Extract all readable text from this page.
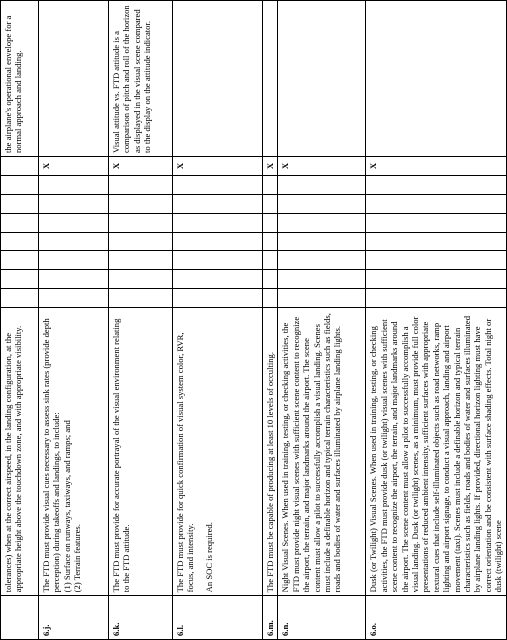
	tolerances) when at the correct airspeed, in the landing configuration, at the appropriate height above the touchdown zone, and with appropriate visibility.									the airplane's operational envelope for a normal approach and landing.
6.j.	The FTD must provide visual cues necessary to assess sink rates (provide depth perception) during takeoffs and landings, to include: (1) Surface on runways, taxiways, and ramps; and (2) Terrain features.								X	
6.k.	The FTD must provide for accurate portrayal of the visual environment relating to the FTD attitude.								X	Visual attitude vs. FTD attitude is a comparison of pitch and roll of the horizon as displayed in the visual scene compared to the display on the attitude indicator.
6.l.	The FTD must provide for quick confirmation of visual system color, RVR, focus, and intensity. An SOC is required.								X	
6.m.	The FTD must be capable of producing at least 10 levels of occulting.								X	
6.n.	Night Visual Scenes. When used in training, testing, or checking activities, the FTD must provide night visual scenes with sufficient scene content to recognize the airport, the terrain, and major landmarks around the airport. The scene content must allow a pilot to successfully accomplish a visual landing. Scenes must include a definable horizon and typical terrain characteristics such as fields, roads and bodies of water and surfaces illuminated by airplane landing lights.								X	
6.o.	Dusk (or Twilight) Visual Scenes. When used in training, testing, or checking activities, the FTD must provide dusk (or twilight) visual scenes with sufficient scene content to recognize the airport, the terrain, and major landmarks around the airport. The scene content must allow a pilot to successfully accomplish a visual landing. Dusk (or twilight) scenes, as a minimum, must provide full color presentations of reduced ambient intensity, sufficient surfaces with appropriate textural cues that include self-illuminated objects such as road networks, ramp lighting and airport signage, to conduct a visual approach, landing and airport movement (taxi). Scenes must include a definable horizon and typical terrain characteristics such as fields, roads and bodies of water and surfaces illuminated by airplane landing lights. If provided, directional horizon lighting must have correct orientation and be consistent with surface shading effects. Total night or dusk (twilight) scene								X	
